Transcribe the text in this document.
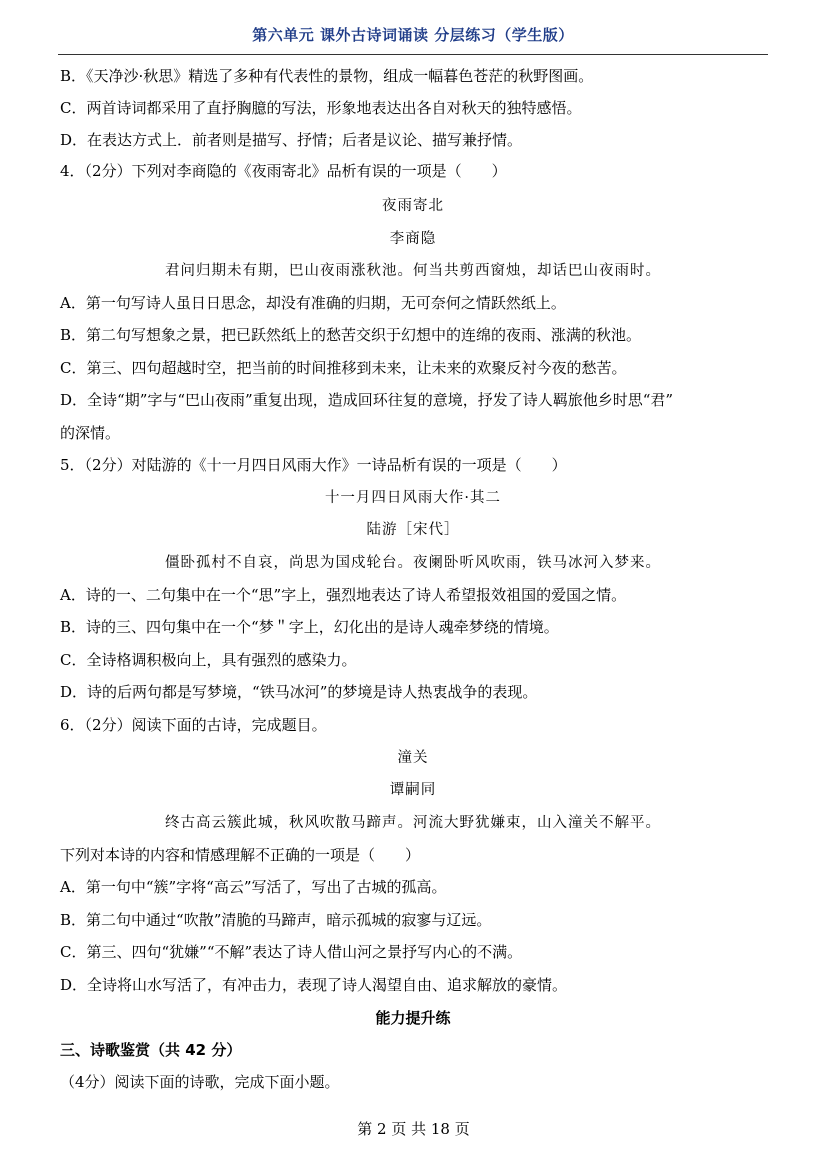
第六单元 课外古诗词诵读 分层练习（学生版）
B．《天净沙·秋思》精选了多种有代表性的景物，组成一幅暮色苍茫的秋野图画。
C．两首诗词都采用了直抒胸臆的写法，形象地表达出各自对秋天的独特感悟。
D．在表达方式上．前者则是描写、抒情；后者是议论、描写兼抒情。
4．（2分）下列对李商隐的《夜雨寄北》品析有误的一项是（　　）
夜雨寄北
李商隐
君问归期未有期，巴山夜雨涨秋池。何当共剪西窗烛，却话巴山夜雨时。
A．第一句写诗人虽日日思念，却没有准确的归期，无可奈何之情跃然纸上。
B．第二句写想象之景，把已跃然纸上的愁苦交织于幻想中的连绵的夜雨、涨满的秋池。
C．第三、四句超越时空，把当前的时间推移到未来，让未来的欢聚反衬今夜的愁苦。
D．全诗“期”字与“巴山夜雨”重复出现，造成回环往复的意境，抒发了诗人羁旅他乡时思“君”
的深情。
5．（2分）对陆游的《十一月四日风雨大作》一诗品析有误的一项是（　　）
十一月四日风雨大作·其二
陆游［宋代］
僵卧孤村不自哀，尚思为国戍轮台。夜阑卧听风吹雨，铁马冰河入梦来。
A．诗的一、二句集中在一个“思”字上，强烈地表达了诗人希望报效祖国的爱国之情。
B．诗的三、四句集中在一个“梦＂字上，幻化出的是诗人魂牵梦绕的情境。
C．全诗格调积极向上，具有强烈的感染力。
D．诗的后两句都是写梦境，“铁马冰河”的梦境是诗人热衷战争的表现。
6．（2分）阅读下面的古诗，完成题目。
潼关
谭嗣同
终古高云簇此城，秋风吹散马蹄声。河流大野犹嫌束，山入潼关不解平。
下列对本诗的内容和情感理解不正确的一项是（　　）
A．第一句中“簇”字将“高云”写活了，写出了古城的孤高。
B．第二句中通过“吹散”清脆的马蹄声，暗示孤城的寂寥与辽远。
C．第三、四句“犹嫌”“不解”表达了诗人借山河之景抒写内心的不满。
D．全诗将山水写活了，有冲击力，表现了诗人渴望自由、追求解放的豪情。
能力提升练
三、诗歌鉴赏（共 42 分）
（4分）阅读下面的诗歌，完成下面小题。
第 2 页 共 18 页
